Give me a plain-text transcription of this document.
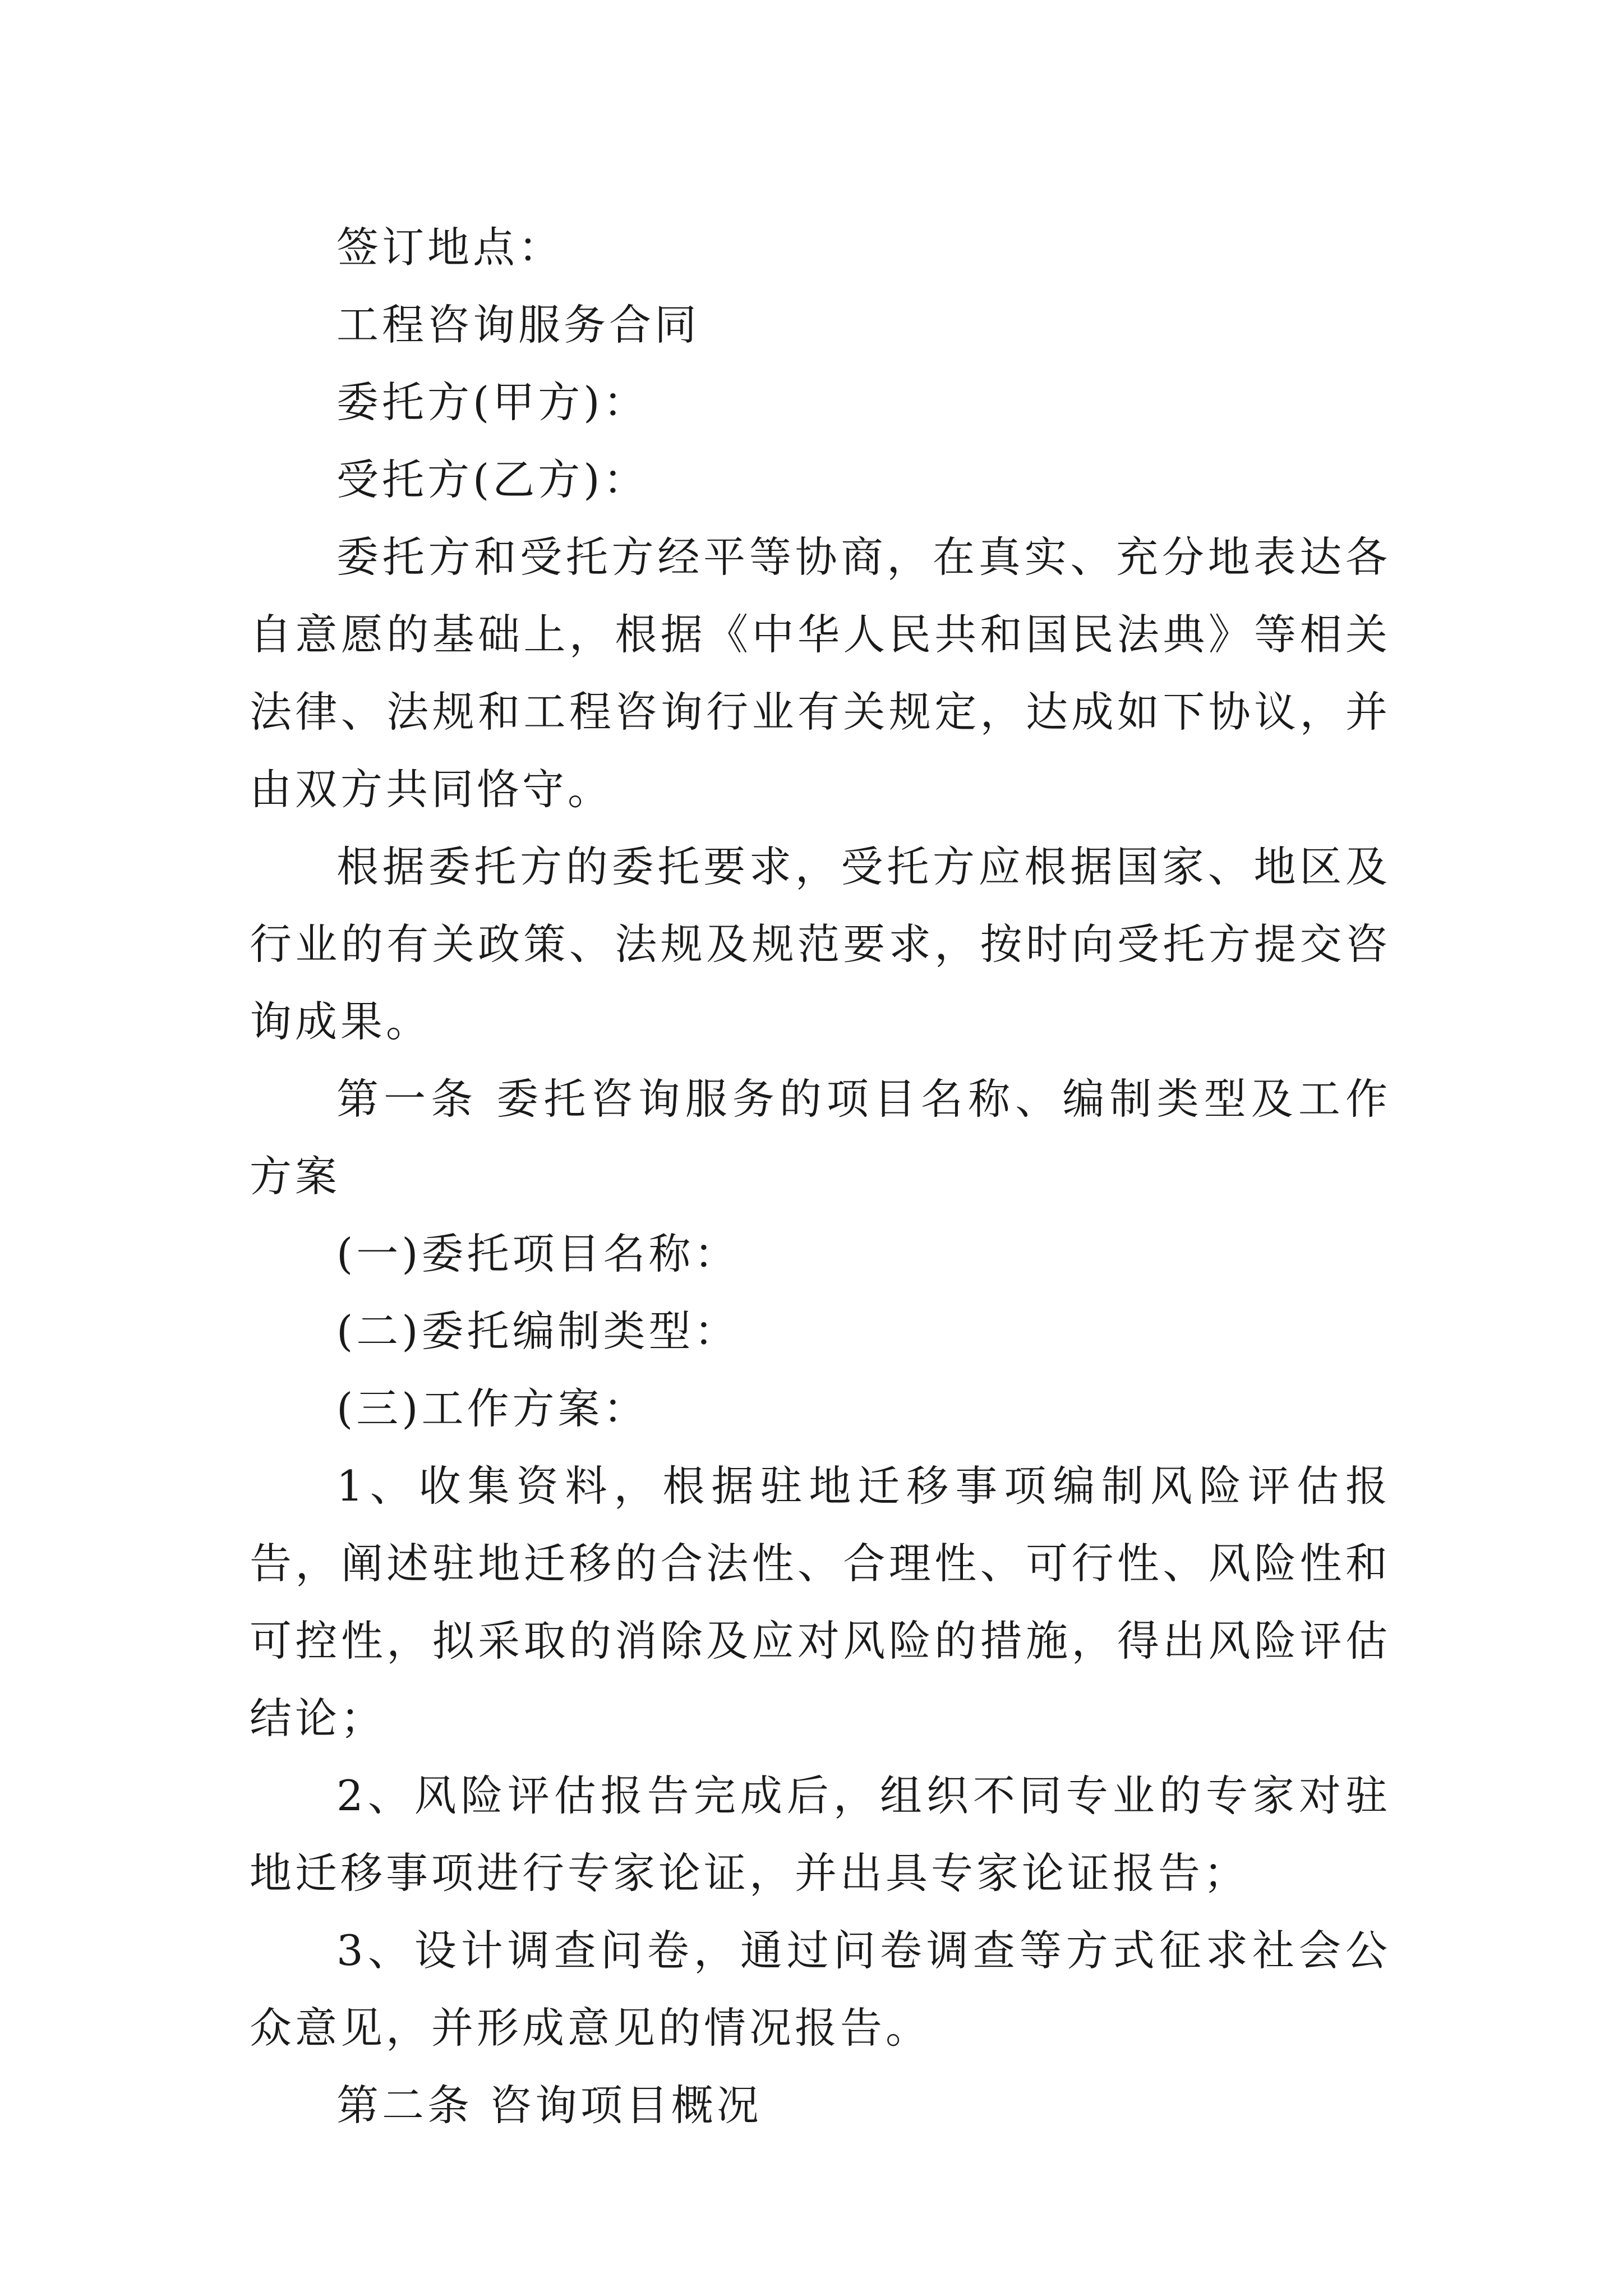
签订地点：

工程咨询服务合同

委托方(甲方)：

受托方(乙方)：

委托方和受托方经平等协商，在真实、充分地表达各自意愿的基础上，根据《中华人民共和国民法典》等相关法律、法规和工程咨询行业有关规定，达成如下协议，并由双方共同恪守。

根据委托方的委托要求，受托方应根据国家、地区及行业的有关政策、法规及规范要求，按时向受托方提交咨询成果。

第一条 委托咨询服务的项目名称、编制类型及工作方案

(一)委托项目名称：

(二)委托编制类型：

(三)工作方案：

1、收集资料，根据驻地迁移事项编制风险评估报告，阐述驻地迁移的合法性、合理性、可行性、风险性和可控性，拟采取的消除及应对风险的措施，得出风险评估结论；

2、风险评估报告完成后，组织不同专业的专家对驻地迁移事项进行专家论证，并出具专家论证报告；

3、设计调查问卷，通过问卷调查等方式征求社会公众意见，并形成意见的情况报告。

第二条 咨询项目概况
